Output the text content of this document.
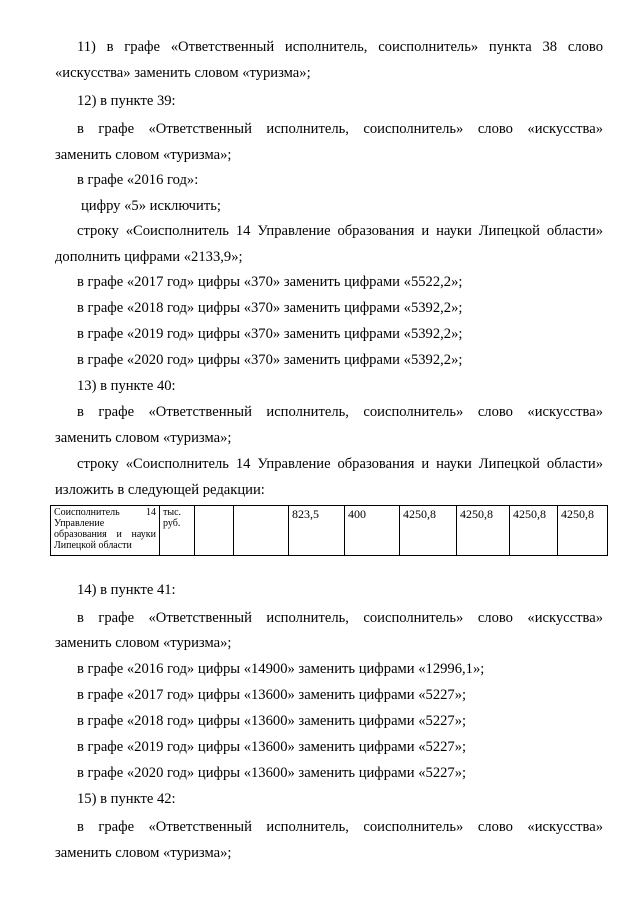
11) в графе «Ответственный исполнитель, соисполнитель» пункта 38 слово

«искусства» заменить словом «туризма»;

12) в пункте 39:

в графе «Ответственный исполнитель, соисполнитель» слово «искусства»

заменить словом «туризма»;

в графе «2016 год»:

цифру «5» исключить;

строку «Соисполнитель 14 Управление образования и науки Липецкой области»

дополнить цифрами «2133,9»;

в графе «2017 год» цифры «370» заменить цифрами «5522,2»;

в графе «2018 год» цифры «370» заменить цифрами «5392,2»;

в графе «2019 год» цифры «370» заменить цифрами «5392,2»;

в графе «2020 год» цифры «370» заменить цифрами «5392,2»;

13) в пункте 40:

в графе «Ответственный исполнитель, соисполнитель» слово «искусства»

заменить словом «туризма»;

строку «Соисполнитель 14 Управление образования и науки Липецкой области»

изложить в следующей редакции:

Соисполнитель 14 Управление образования и науки Липецкой области	тыс. руб.			823,5	400	4250,8	4250,8	4250,8	4250,8

14) в пункте 41:

в графе «Ответственный исполнитель, соисполнитель» слово «искусства»

заменить словом «туризма»;

в графе «2016 год» цифры «14900» заменить цифрами «12996,1»;

в графе «2017 год» цифры «13600» заменить цифрами «5227»;

в графе «2018 год» цифры «13600» заменить цифрами «5227»;

в графе «2019 год» цифры «13600» заменить цифрами «5227»;

в графе «2020 год» цифры «13600» заменить цифрами «5227»;

15) в пункте 42:

в графе «Ответственный исполнитель, соисполнитель» слово «искусства»

заменить словом «туризма»;
